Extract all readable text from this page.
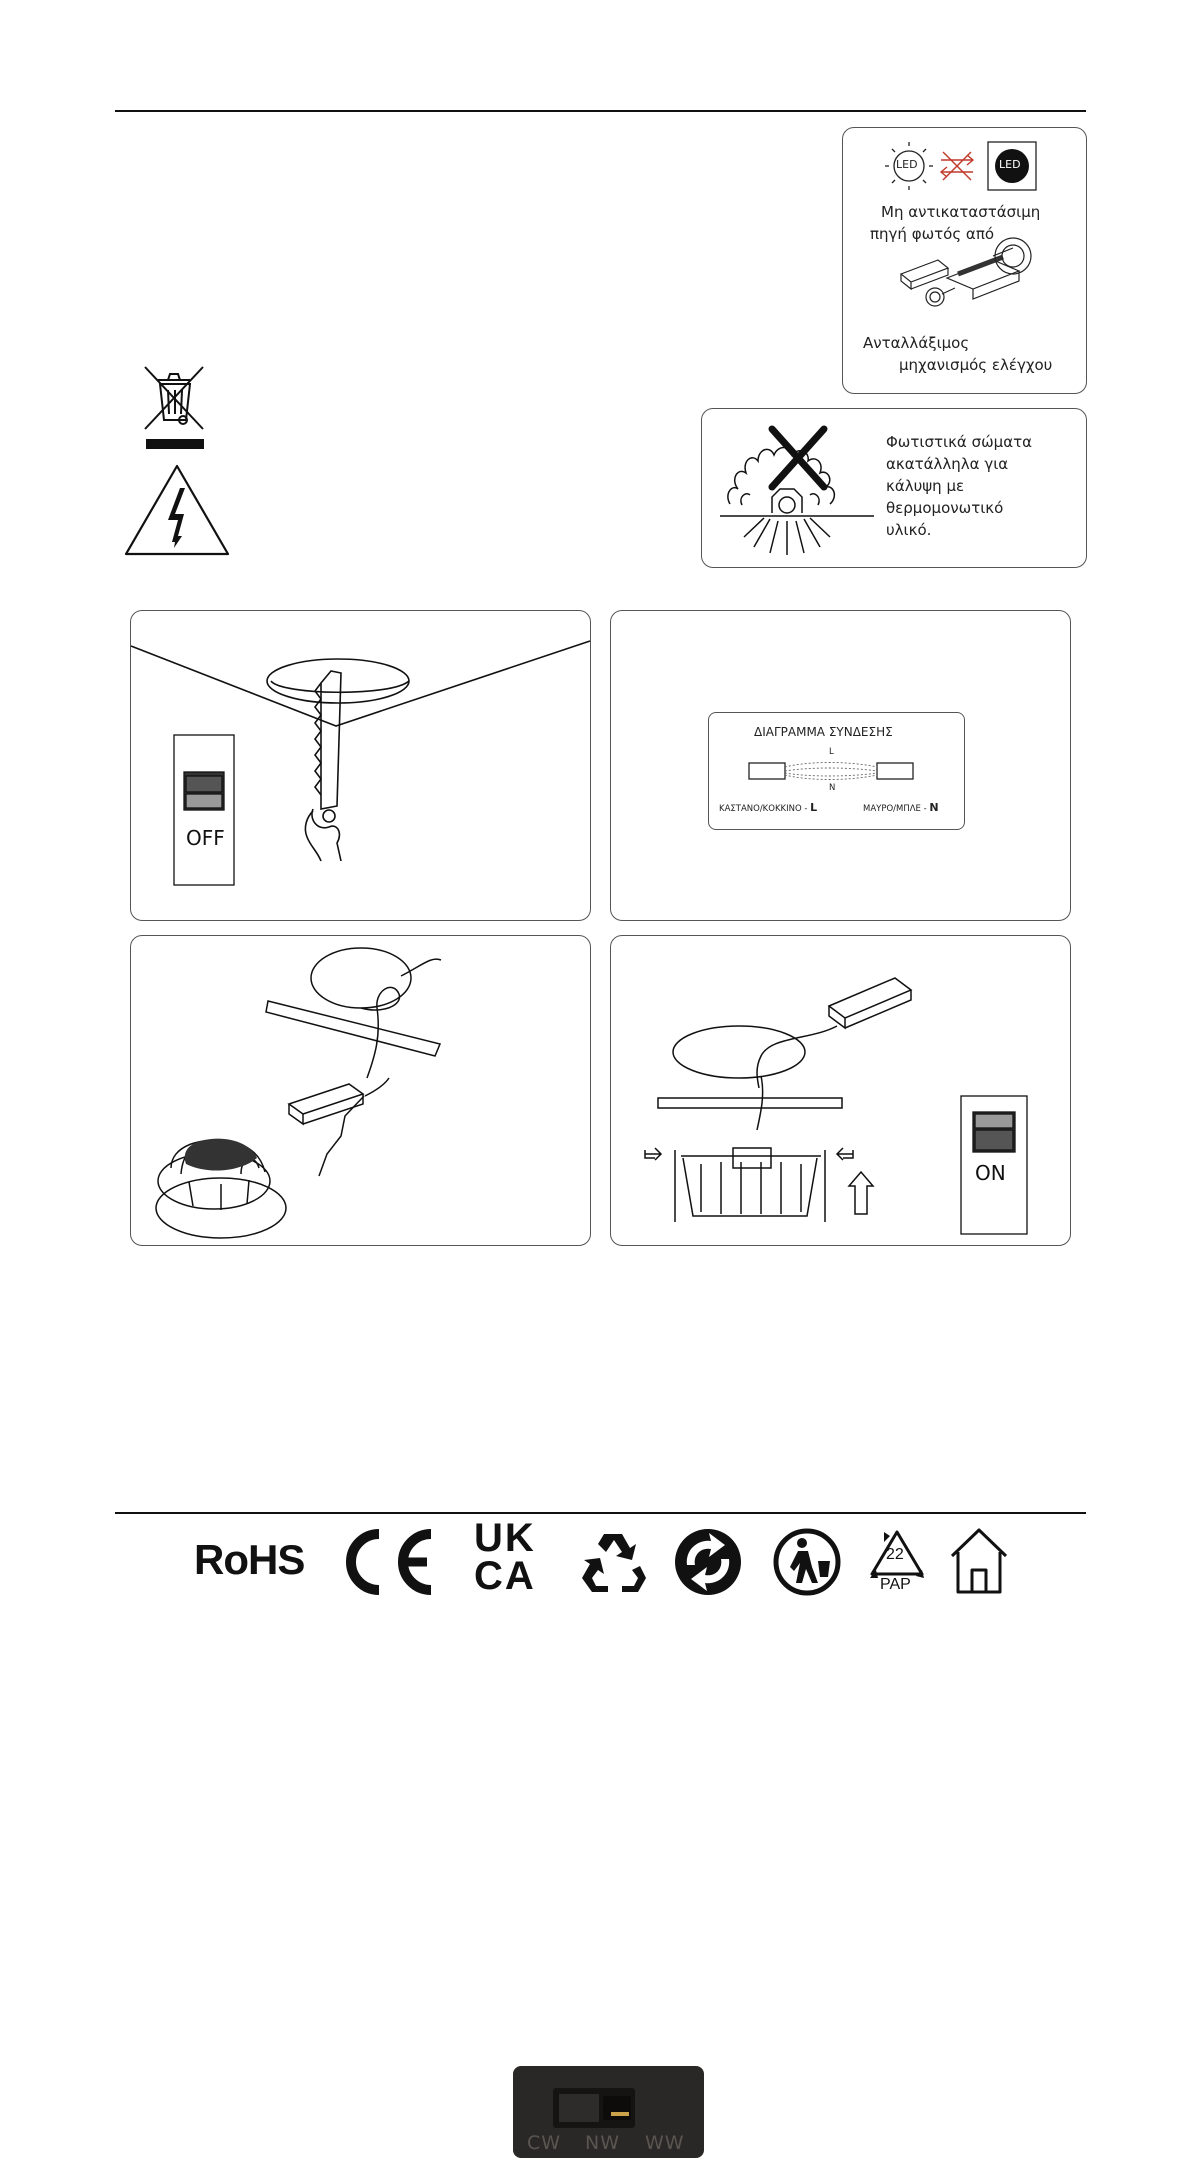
LED	LED
Μη αντικαταστάσιμη
πηγή φωτός από
Ανταλλάξιμος
μηχανισμός ελέγχου
Φωτιστικά σώματα
ακατάλληλα για
κάλυψη με
θερμομονωτικό
υλικό.
OFF
ΔΙΑΓΡΑΜΜΑ ΣΥΝΔΕΣΗΣ
L
N
ΚΑΣΤΑΝΟ/ΚΟΚΚΙΝΟ - L	ΜΑΥΡΟ/ΜΠΛΕ - N
CW NW WW
ON
RoHS	UK
CA	22
PAP
